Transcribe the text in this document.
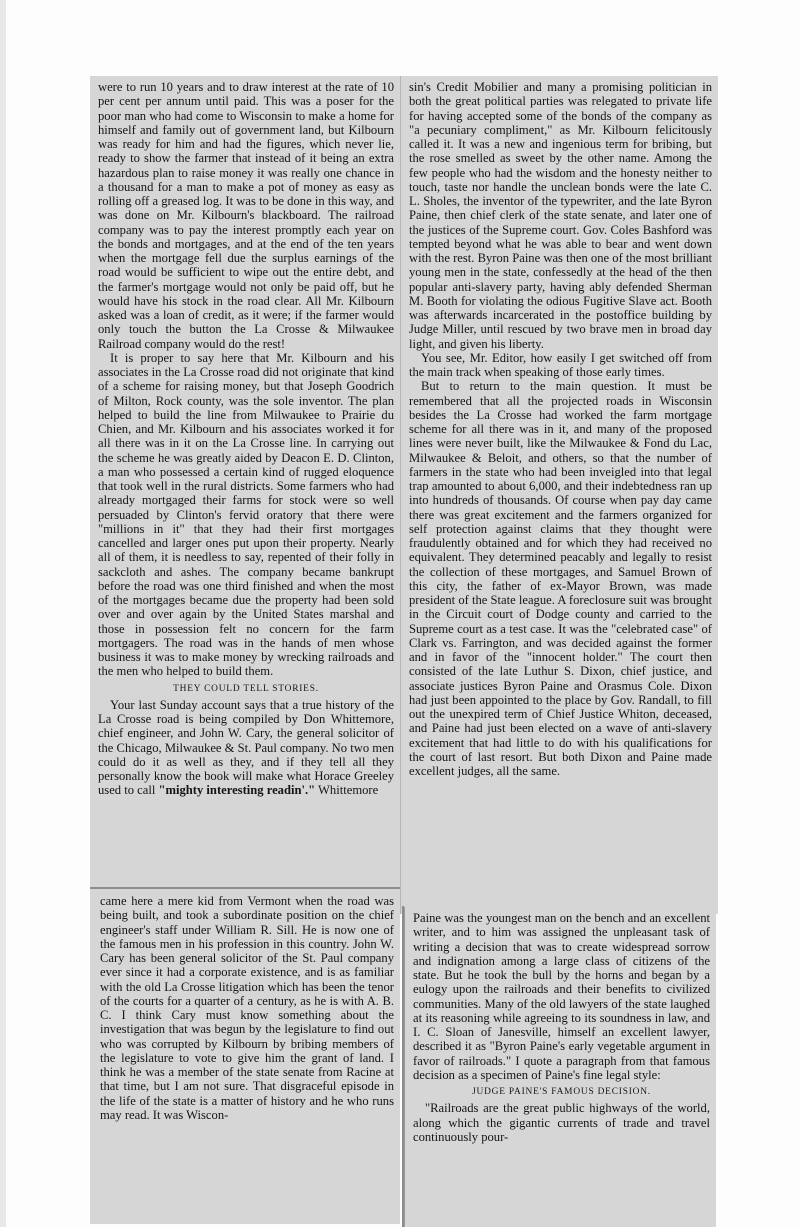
were to run 10 years and to draw interest at the rate of 10 per cent per annum until paid. This was a poser for the poor man who had come to Wisconsin to make a home for himself and family out of government land, but Kilbourn was ready for him and had the figures, which never lie, ready to show the farmer that instead of it being an extra hazardous plan to raise money it was really one chance in a thousand for a man to make a pot of money as easy as rolling off a greased log. It was to be done in this way, and was done on Mr. Kilbourn's blackboard. The railroad company was to pay the interest promptly each year on the bonds and mortgages, and at the end of the ten years when the mortgage fell due the surplus earnings of the road would be sufficient to wipe out the entire debt, and the farmer's mortgage would not only be paid off, but he would have his stock in the road clear. All Mr. Kilbourn asked was a loan of credit, as it were; if the farmer would only touch the button the La Crosse & Milwaukee Railroad company would do the rest!

It is proper to say here that Mr. Kilbourn and his associates in the La Crosse road did not originate that kind of a scheme for raising money, but that Joseph Goodrich of Milton, Rock county, was the sole inventor. The plan helped to build the line from Milwaukee to Prairie du Chien, and Mr. Kilbourn and his associates worked it for all there was in it on the La Crosse line. In carrying out the scheme he was greatly aided by Deacon E. D. Clinton, a man who possessed a certain kind of rugged eloquence that took well in the rural districts. Some farmers who had already mortgaged their farms for stock were so well persuaded by Clinton's fervid oratory that there were "millions in it" that they had their first mortgages cancelled and larger ones put upon their property. Nearly all of them, it is needless to say, repented of their folly in sackcloth and ashes. The company became bankrupt before the road was one third finished and when the most of the mortgages became due the property had been sold over and over again by the United States marshal and those in possession felt no concern for the farm mortgagers. The road was in the hands of men whose business it was to make money by wrecking railroads and the men who helped to build them.

THEY COULD TELL STORIES.

Your last Sunday account says that a true history of the La Crosse road is being compiled by Don Whittemore, chief engineer, and John W. Cary, the general solicitor of the Chicago, Milwaukee & St. Paul company. No two men could do it as well as they, and if they tell all they personally know the book will make what Horace Greeley used to call "mighty interesting readin'." Whittemore

came here a mere kid from Vermont when the road was being built, and took a subordinate position on the chief engineer's staff under William R. Sill. He is now one of the famous men in his profession in this country. John W. Cary has been general solicitor of the St. Paul company ever since it had a corporate existence, and is as familiar with the old La Crosse litigation which has been the tenor of the courts for a quarter of a century, as he is with A. B. C. I think Cary must know something about the investigation that was begun by the legislature to find out who was corrupted by Kilbourn by bribing members of the legislature to vote to give him the grant of land. I think he was a member of the state senate from Racine at that time, but I am not sure. That disgraceful episode in the life of the state is a matter of history and he who runs may read. It was Wiscon-

sin's Credit Mobilier and many a promising politician in both the great political parties was relegated to private life for having accepted some of the bonds of the company as "a pecuniary compliment," as Mr. Kilbourn felicitously called it. It was a new and ingenious term for bribing, but the rose smelled as sweet by the other name. Among the few people who had the wisdom and the honesty neither to touch, taste nor handle the unclean bonds were the late C. L. Sholes, the inventor of the typewriter, and the late Byron Paine, then chief clerk of the state senate, and later one of the justices of the Supreme court. Gov. Coles Bashford was tempted beyond what he was able to bear and went down with the rest. Byron Paine was then one of the most brilliant young men in the state, confessedly at the head of the then popular anti-slavery party, having ably defended Sherman M. Booth for violating the odious Fugitive Slave act. Booth was afterwards incarcerated in the postoffice building by Judge Miller, until rescued by two brave men in broad day light, and given his liberty.

You see, Mr. Editor, how easily I get switched off from the main track when speaking of those early times.

But to return to the main question. It must be remembered that all the projected roads in Wisconsin besides the La Crosse had worked the farm mortgage scheme for all there was in it, and many of the proposed lines were never built, like the Milwaukee & Fond du Lac, Milwaukee & Beloit, and others, so that the number of farmers in the state who had been inveigled into that legal trap amounted to about 6,000, and their indebtedness ran up into hundreds of thousands. Of course when pay day came there was great excitement and the farmers organized for self protection against claims that they thought were fraudulently obtained and for which they had received no equivalent. They determined peacably and legally to resist the collection of these mortgages, and Samuel Brown of this city, the father of ex-Mayor Brown, was made president of the State league. A foreclosure suit was brought in the Circuit court of Dodge county and carried to the Supreme court as a test case. It was the "celebrated case" of Clark vs. Farrington, and was decided against the former and in favor of the "innocent holder." The court then consisted of the late Luthur S. Dixon, chief justice, and associate justices Byron Paine and Orasmus Cole. Dixon had just been appointed to the place by Gov. Randall, to fill out the unexpired term of Chief Justice Whiton, deceased, and Paine had just been elected on a wave of anti-slavery excitement that had little to do with his qualifications for the court of last resort. But both Dixon and Paine made excellent judges, all the same.

Paine was the youngest man on the bench and an excellent writer, and to him was assigned the unpleasant task of writing a decision that was to create widespread sorrow and indignation among a large class of citizens of the state. But he took the bull by the horns and began by a eulogy upon the railroads and their benefits to civilized communities. Many of the old lawyers of the state laughed at its reasoning while agreeing to its soundness in law, and I. C. Sloan of Janesville, himself an excellent lawyer, described it as "Byron Paine's early vegetable argument in favor of railroads." I quote a paragraph from that famous decision as a specimen of Paine's fine legal style:

JUDGE PAINE'S FAMOUS DECISION.

"Railroads are the great public highways of the world, along which the gigantic currents of trade and travel continuously pour-
